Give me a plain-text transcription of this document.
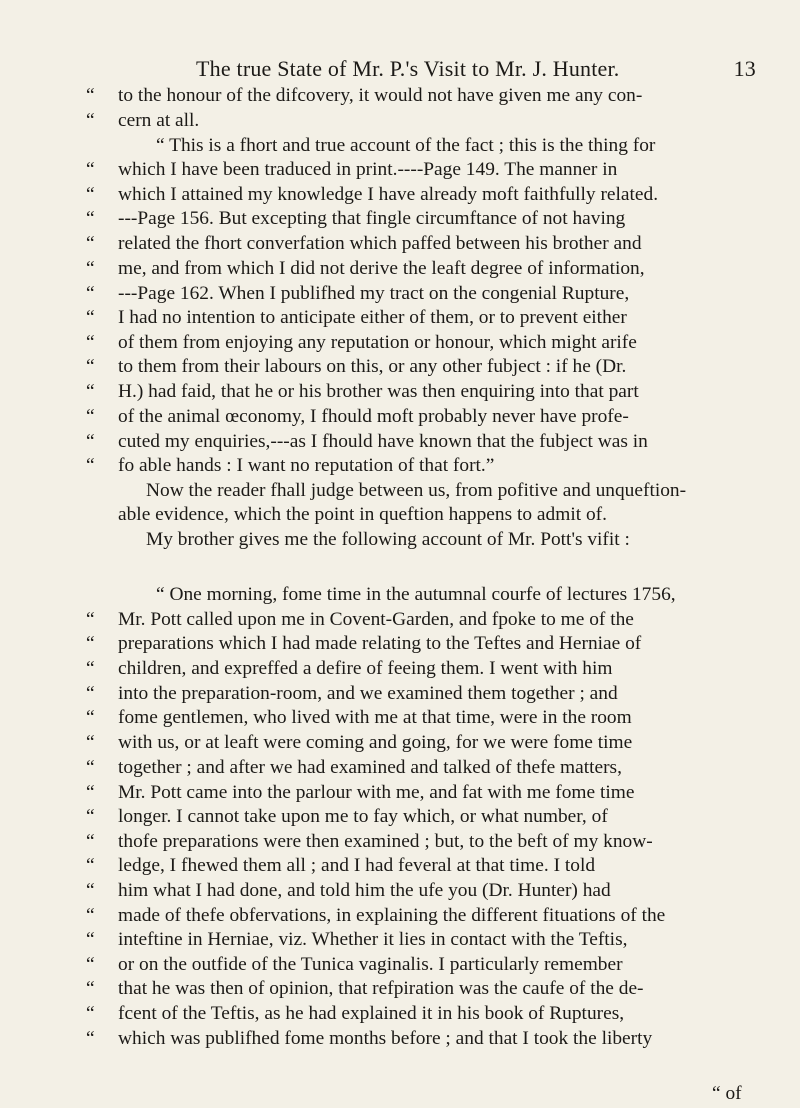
The true State of Mr. P.'s Visit to Mr. J. Hunter.	13
“	to the honour of the difcovery, it would not have given me any con-
“	cern at all.
“ This is a fhort and true account of the fact ; this is the thing for
“	which I have been traduced in print.----Page 149. The manner in
“	which I attained my knowledge I have already moft faithfully related.
“	---Page 156. But excepting that fingle circumftance of not having
“	related the fhort converfation which paffed between his brother and
“	me, and from which I did not derive the leaft degree of information,
“	---Page 162. When I publifhed my tract on the congenial Rupture,
“	I had no intention to anticipate either of them, or to prevent either
“	of them from enjoying any reputation or honour, which might arife
“	to them from their labours on this, or any other fubject : if he (Dr.
“	H.) had faid, that he or his brother was then enquiring into that part
“	of the animal œconomy, I fhould moft probably never have profe-
“	cuted my enquiries,---as I fhould have known that the fubject was in
“	fo able hands : I want no reputation of that fort.”
Now the reader fhall judge between us, from pofitive and unqueftion-
able evidence, which the point in queftion happens to admit of.
My brother gives me the following account of Mr. Pott's vifit :
“ One morning, fome time in the autumnal courfe of lectures 1756,
“	Mr. Pott called upon me in Covent-Garden, and fpoke to me of the
“	preparations which I had made relating to the Teftes and Herniae of
“	children, and expreffed a defire of feeing them. I went with him
“	into the preparation-room, and we examined them together ; and
“	fome gentlemen, who lived with me at that time, were in the room
“	with us, or at leaft were coming and going, for we were fome time
“	together ; and after we had examined and talked of thefe matters,
“	Mr. Pott came into the parlour with me, and fat with me fome time
“	longer. I cannot take upon me to fay which, or what number, of
“	thofe preparations were then examined ; but, to the beft of my know-
“	ledge, I fhewed them all ; and I had feveral at that time. I told
“	him what I had done, and told him the ufe you (Dr. Hunter) had
“	made of thefe obfervations, in explaining the different fituations of the
“	inteftine in Herniae, viz. Whether it lies in contact with the Teftis,
“	or on the outfide of the Tunica vaginalis. I particularly remember
“	that he was then of opinion, that refpiration was the caufe of the de-
“	fcent of the Teftis, as he had explained it in his book of Ruptures,
“	which was publifhed fome months before ; and that I took the liberty
“ of
